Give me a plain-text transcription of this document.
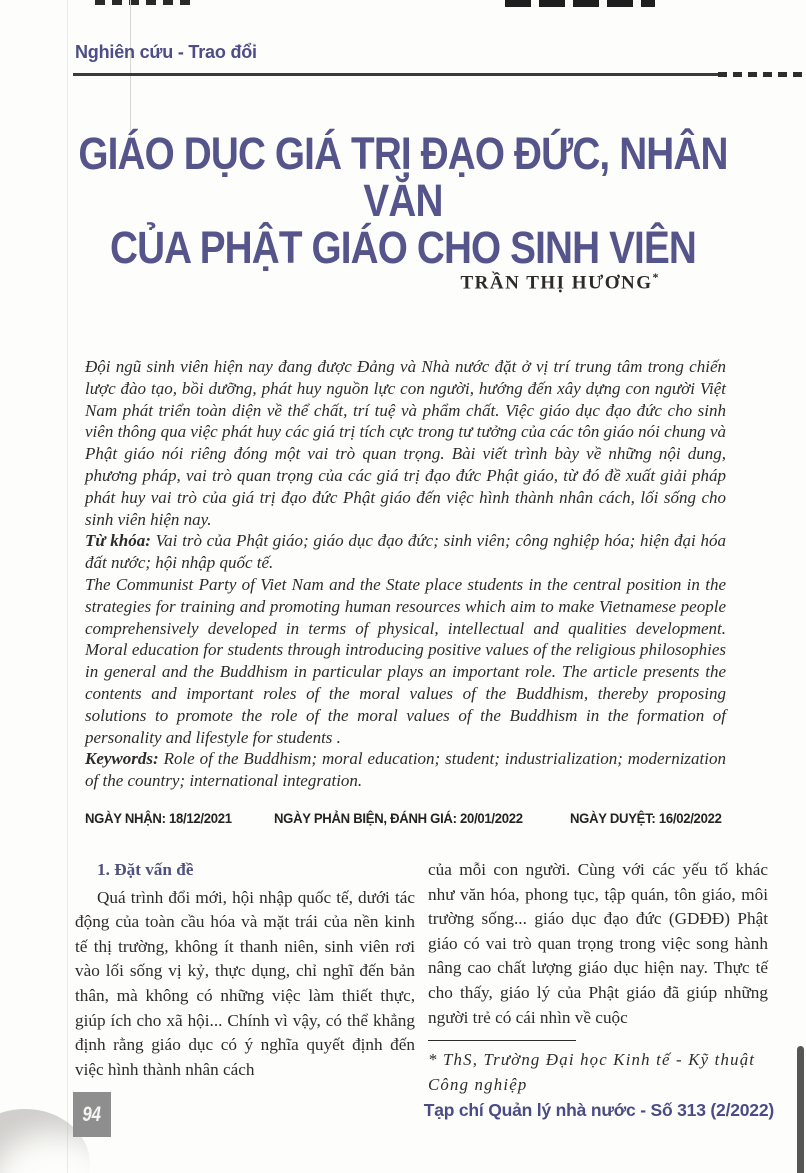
Nghiên cứu - Trao đổi
GIÁO DỤC GIÁ TRỊ ĐẠO ĐỨC, NHÂN VĂN
CỦA PHẬT GIÁO CHO SINH VIÊN
TRẦN THỊ HƯƠNG*
Đội ngũ sinh viên hiện nay đang được Đảng và Nhà nước đặt ở vị trí trung tâm trong chiến lược đào tạo, bồi dưỡng, phát huy nguồn lực con người, hướng đến xây dựng con người Việt Nam phát triển toàn diện về thể chất, trí tuệ và phẩm chất. Việc giáo dục đạo đức cho sinh viên thông qua việc phát huy các giá trị tích cực trong tư tưởng của các tôn giáo nói chung và Phật giáo nói riêng đóng một vai trò quan trọng. Bài viết trình bày về những nội dung, phương pháp, vai trò quan trọng của các giá trị đạo đức Phật giáo, từ đó đề xuất giải pháp phát huy vai trò của giá trị đạo đức Phật giáo đến việc hình thành nhân cách, lối sống cho sinh viên hiện nay.
Từ khóa: Vai trò của Phật giáo; giáo dục đạo đức; sinh viên; công nghiệp hóa; hiện đại hóa đất nước; hội nhập quốc tế.
The Communist Party of Viet Nam and the State place students in the central position in the strategies for training and promoting human resources which aim to make Vietnamese people comprehensively developed in terms of physical, intellectual and qualities development. Moral education for students through introducing positive values of the religious philosophies in general and the Buddhism in particular plays an important role. The article presents the contents and important roles of the moral values of the Buddhism, thereby proposing solutions to promote the role of the moral values of the Buddhism in the formation of personality and lifestyle for students .
Keywords: Role of the Buddhism; moral education; student; industrialization; modernization of the country; international integration.
NGÀY NHẬN: 18/12/2021	NGÀY PHẢN BIỆN, ĐÁNH GIÁ: 20/01/2022	NGÀY DUYỆT: 16/02/2022

1. Đặt vấn đề

Quá trình đổi mới, hội nhập quốc tế, dưới tác động của toàn cầu hóa và mặt trái của nền kinh tế thị trường, không ít thanh niên, sinh viên rơi vào lối sống vị kỷ, thực dụng, chỉ nghĩ đến bản thân, mà không có những việc làm thiết thực, giúp ích cho xã hội... Chính vì vậy, có thể khẳng định rằng giáo dục có ý nghĩa quyết định đến việc hình thành nhân cách

của mỗi con người. Cùng với các yếu tố khác như văn hóa, phong tục, tập quán, tôn giáo, môi trường sống... giáo dục đạo đức (GDĐĐ) Phật giáo có vai trò quan trọng trong việc song hành nâng cao chất lượng giáo dục hiện nay. Thực tế cho thấy, giáo lý của Phật giáo đã giúp những người trẻ có cái nhìn về cuộc

* ThS, Trường Đại học Kinh tế - Kỹ thuật Công nghiệp
94	Tạp chí Quản lý nhà nước - Số 313 (2/2022)
